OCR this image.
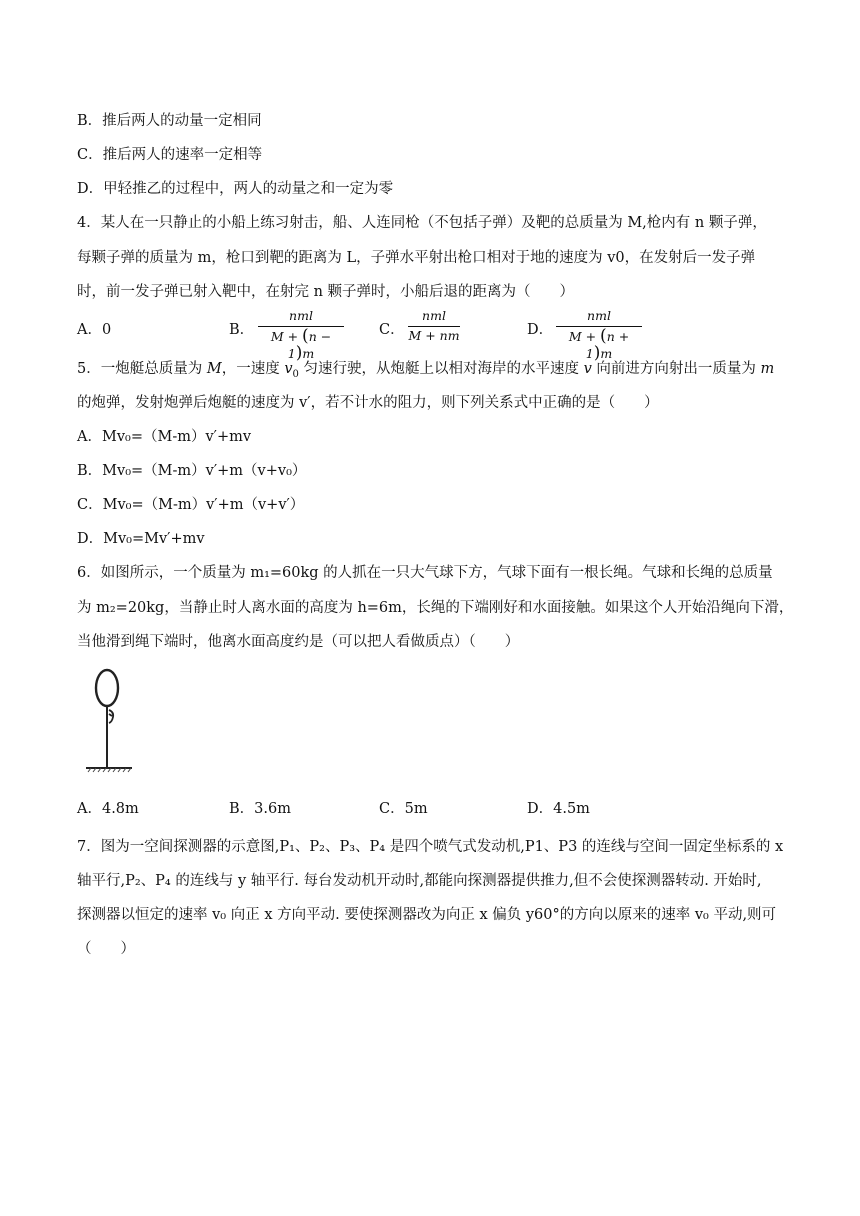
B．推后两人的动量一定相同
C．推后两人的速率一定相等
D．甲轻推乙的过程中，两人的动量之和一定为零
4．某人在一只静止的小船上练习射击，船、人连同枪（不包括子弹）及靶的总质量为 M,枪内有 n 颗子弹，
每颗子弹的质量为 m，枪口到靶的距离为 L，子弹水平射出枪口相对于地的速度为 v0，在发射后一发子弹
时，前一发子弹已射入靶中，在射完 n 颗子弹时，小船后退的距离为（　　）
A．0	B．
nml
M + (n − 1)m
C．
nml
M + nm	D．
nml
M + (n + 1)m
5．一炮艇总质量为 M，一速度 $v_0$ 匀速行驶，从炮艇上以相对海岸的水平速度 v 向前进方向射出一质量为 m
的炮弹，发射炮弹后炮艇的速度为 v′，若不计水的阻力，则下列关系式中正确的是（　　）
A．Mv₀=（M-m）v′+mv
B．Mv₀=（M-m）v′+m（v+v₀）
C．Mv₀=（M-m）v′+m（v+v′）
D．Mv₀=Mv′+mv
6．如图所示，一个质量为 m₁=60kg 的人抓在一只大气球下方，气球下面有一根长绳。气球和长绳的总质量
为 m₂=20kg，当静止时人离水面的高度为 h=6m，长绳的下端刚好和水面接触。如果这个人开始沿绳向下滑，
当他滑到绳下端时，他离水面高度约是（可以把人看做质点）（　　）
A．4.8m	B．3.6m	C．5m	D．4.5m
7．图为一空间探测器的示意图,P₁、P₂、P₃、P₄ 是四个喷气式发动机,P1、P3 的连线与空间一固定坐标系的 x
轴平行,P₂、P₄ 的连线与 y 轴平行. 每台发动机开动时,都能向探测器提供推力,但不会使探测器转动. 开始时,
探测器以恒定的速率 v₀ 向正 x 方向平动. 要使探测器改为向正 x 偏负 y60°的方向以原来的速率 v₀ 平动,则可
（　　）
